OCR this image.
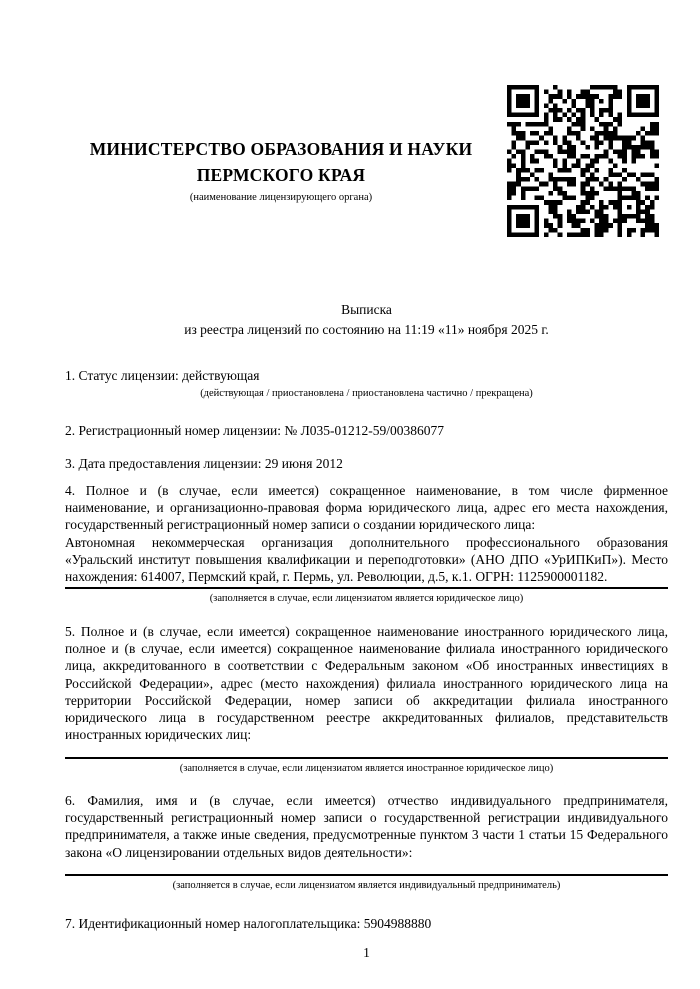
МИНИСТЕРСТВО ОБРАЗОВАНИЯ И НАУКИ ПЕРМСКОГО КРАЯ
(наименование лицензирующего органа)
Выписка
из реестра лицензий по состоянию на 11:19 «11» ноября 2025 г.

1. Статус лицензии: действующая

(действующая / приостановлена / приостановлена частично / прекращена)

2. Регистрационный номер лицензии: № Л035-01212-59/00386077

3. Дата предоставления лицензии: 29 июня 2012

4. Полное и (в случае, если имеется) сокращенное наименование, в том числе фирменное наименование, и организационно-правовая форма юридического лица, адрес его места нахождения, государственный регистрационный номер записи о создании юридического лица:

Автономная некоммерческая организация дополнительного профессионального образования «Уральский институт повышения квалификации и переподготовки» (АНО ДПО «УрИПКиП»). Место нахождения: 614007, Пермский край, г. Пермь, ул. Революции, д.5, к.1. ОГРН: 1125900001182.

(заполняется в случае, если лицензиатом является юридическое лицо)

5. Полное и (в случае, если имеется) сокращенное наименование иностранного юридического лица, полное и (в случае, если имеется) сокращенное наименование филиала иностранного юридического лица, аккредитованного в соответствии с Федеральным законом «Об иностранных инвестициях в Российской Федерации», адрес (место нахождения) филиала иностранного юридического лица на территории Российской Федерации, номер записи об аккредитации филиала иностранного юридического лица в государственном реестре аккредитованных филиалов, представительств иностранных юридических лиц:

(заполняется в случае, если лицензиатом является иностранное юридическое лицо)

6. Фамилия, имя и (в случае, если имеется) отчество индивидуального предпринимателя, государственный регистрационный номер записи о государственной регистрации индивидуального предпринимателя, а также иные сведения, предусмотренные пунктом 3 части 1 статьи 15 Федерального закона «О лицензировании отдельных видов деятельности»:

(заполняется в случае, если лицензиатом является индивидуальный предприниматель)

7. Идентификационный номер налогоплательщика: 5904988880

1
